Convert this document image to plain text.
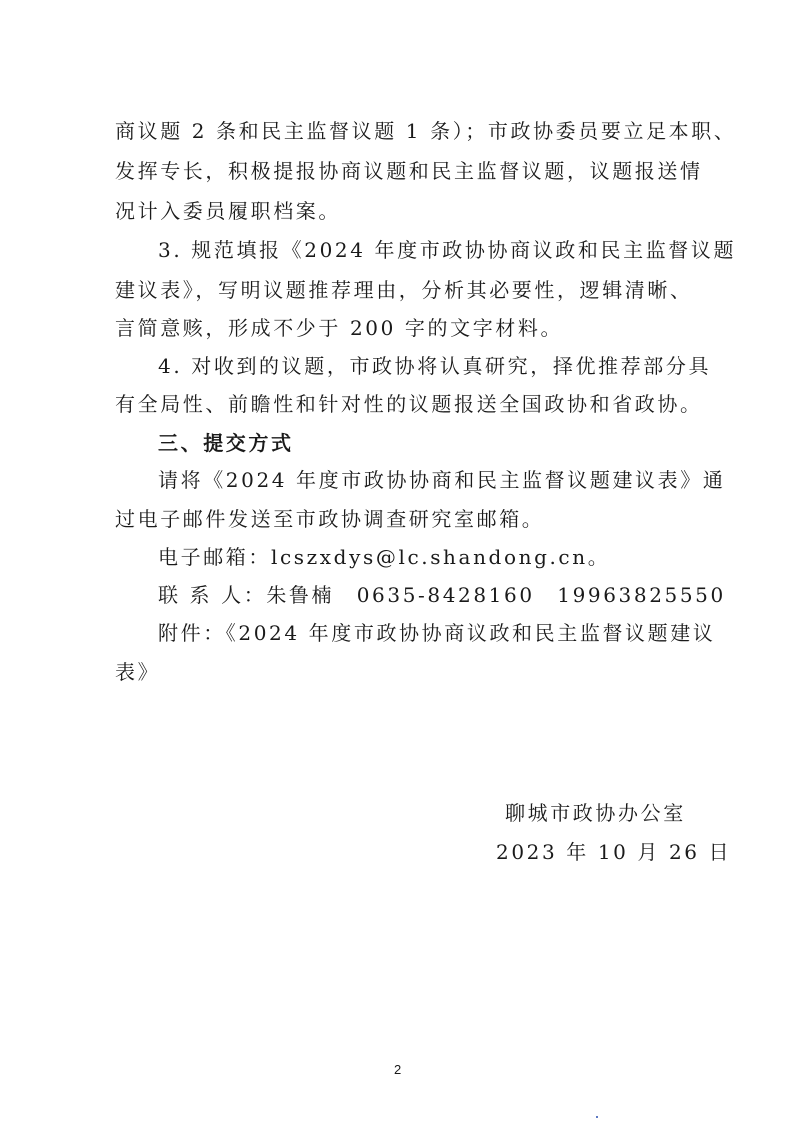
商议题 2 条和民主监督议题 1 条）；市政协委员要立足本职、
发挥专长，积极提报协商议题和民主监督议题，议题报送情
况计入委员履职档案。
3. 规范填报《2024 年度市政协协商议政和民主监督议题
建议表》，写明议题推荐理由，分析其必要性，逻辑清晰、
言简意赅，形成不少于 200 字的文字材料。
4. 对收到的议题，市政协将认真研究，择优推荐部分具
有全局性、前瞻性和针对性的议题报送全国政协和省政协。
三、提交方式
请将《2024 年度市政协协商和民主监督议题建议表》通
过电子邮件发送至市政协调查研究室邮箱。
电子邮箱：lcszxdys@lc.shandong.cn。
联 系 人：朱鲁楠　0635-8428160　19963825550
附件：《2024 年度市政协协商议政和民主监督议题建议
表》
聊城市政协办公室
2023 年 10 月 26 日
2
